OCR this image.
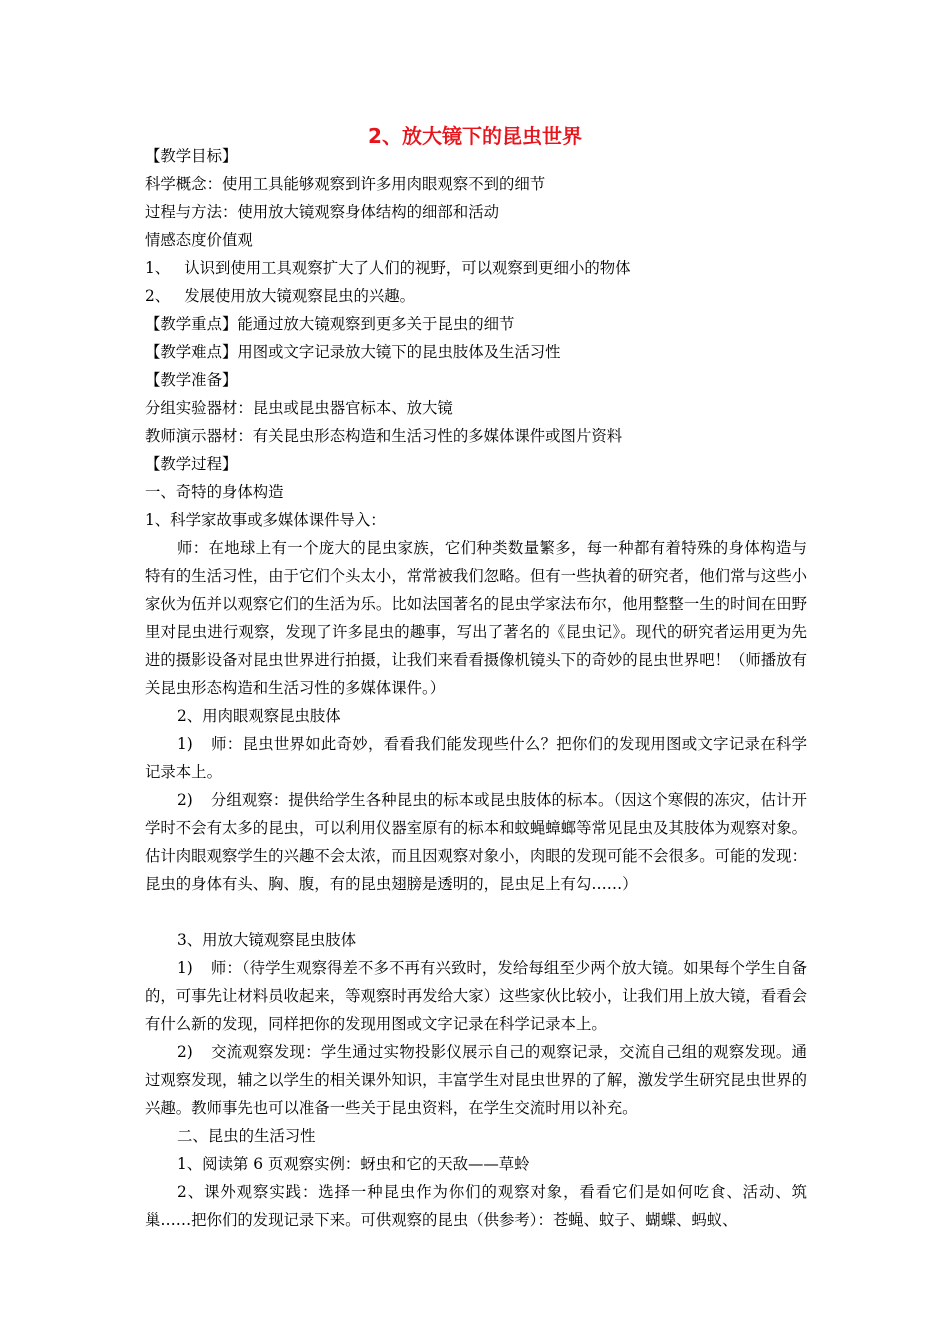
2、放大镜下的昆虫世界
【教学目标】
科学概念：使用工具能够观察到许多用肉眼观察不到的细节
过程与方法：使用放大镜观察身体结构的细部和活动
情感态度价值观
1、 认识到使用工具观察扩大了人们的视野，可以观察到更细小的物体
2、 发展使用放大镜观察昆虫的兴趣。
【教学重点】能通过放大镜观察到更多关于昆虫的细节
【教学难点】用图或文字记录放大镜下的昆虫肢体及生活习性
【教学准备】
分组实验器材：昆虫或昆虫器官标本、放大镜
教师演示器材：有关昆虫形态构造和生活习性的多媒体课件或图片资料
【教学过程】
一、奇特的身体构造
1、科学家故事或多媒体课件导入：

师：在地球上有一个庞大的昆虫家族，它们种类数量繁多，每一种都有着特殊的身体构造与特有的生活习性，由于它们个头太小，常常被我们忽略。但有一些执着的研究者，他们常与这些小家伙为伍并以观察它们的生活为乐。比如法国著名的昆虫学家法布尔，他用整整一生的时间在田野里对昆虫进行观察，发现了许多昆虫的趣事，写出了著名的《昆虫记》。现代的研究者运用更为先进的摄影设备对昆虫世界进行拍摄，让我们来看看摄像机镜头下的奇妙的昆虫世界吧！（师播放有关昆虫形态构造和生活习性的多媒体课件。）

2、用肉眼观察昆虫肢体

1) 师：昆虫世界如此奇妙，看看我们能发现些什么？把你们的发现用图或文字记录在科学记录本上。

2) 分组观察：提供给学生各种昆虫的标本或昆虫肢体的标本。（因这个寒假的冻灾，估计开学时不会有太多的昆虫，可以利用仪器室原有的标本和蚊蝇蟑螂等常见昆虫及其肢体为观察对象。估计肉眼观察学生的兴趣不会太浓，而且因观察对象小，肉眼的发现可能不会很多。可能的发现：昆虫的身体有头、胸、腹，有的昆虫翅膀是透明的，昆虫足上有勾……）

3、用放大镜观察昆虫肢体

1) 师：（待学生观察得差不多不再有兴致时，发给每组至少两个放大镜。如果每个学生自备的，可事先让材料员收起来，等观察时再发给大家）这些家伙比较小，让我们用上放大镜，看看会有什么新的发现，同样把你的发现用图或文字记录在科学记录本上。

2) 交流观察发现：学生通过实物投影仪展示自己的观察记录，交流自己组的观察发现。通过观察发现，辅之以学生的相关课外知识，丰富学生对昆虫世界的了解，激发学生研究昆虫世界的兴趣。教师事先也可以准备一些关于昆虫资料，在学生交流时用以补充。

二、昆虫的生活习性
1、阅读第 6 页观察实例：蚜虫和它的天敌——草蛉

2、课外观察实践：选择一种昆虫作为你们的观察对象，看看它们是如何吃食、活动、筑巢……把你们的发现记录下来。可供观察的昆虫（供参考）：苍蝇、蚊子、蝴蝶、蚂蚁、
